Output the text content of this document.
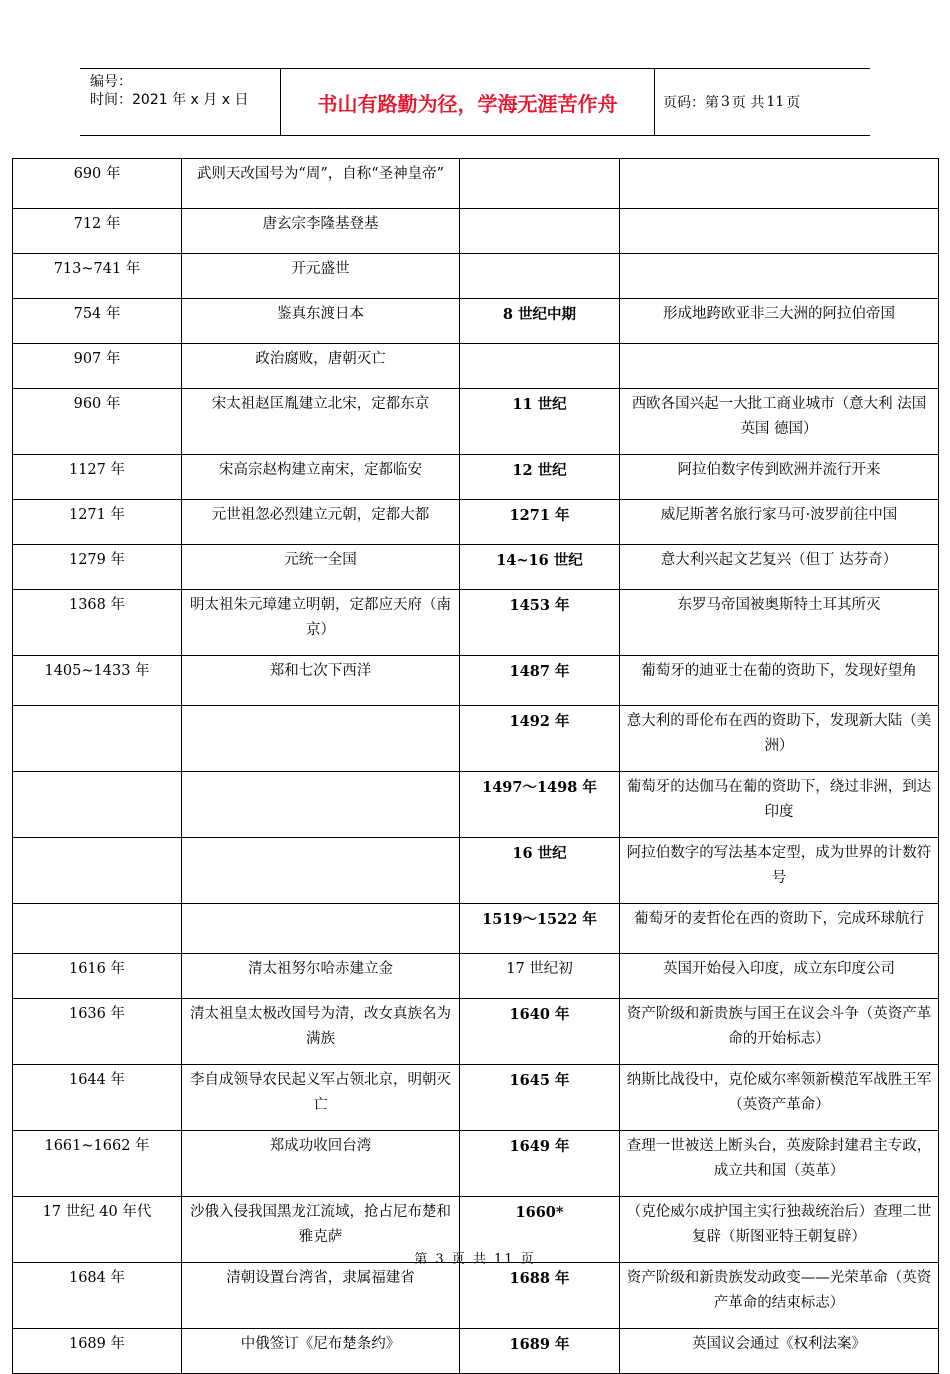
编号：
时间：2021 年 x 月 x 日	书山有路勤为径，学海无涯苦作舟	页码：第 3 页 共 11 页
690 年	武则天改国号为“周”，自称“圣神皇帝”		
712 年	唐玄宗李隆基登基		
713~741 年	开元盛世		
754 年	鉴真东渡日本	8 世纪中期	形成地跨欧亚非三大洲的阿拉伯帝国
907 年	政治腐败，唐朝灭亡		
960 年	宋太祖赵匡胤建立北宋，定都东京	11 世纪	西欧各国兴起一大批工商业城市（意大利 法国 英国 德国）
1127 年	宋高宗赵构建立南宋，定都临安	12 世纪	阿拉伯数字传到欧洲并流行开来
1271 年	元世祖忽必烈建立元朝，定都大都	1271 年	威尼斯著名旅行家马可·波罗前往中国
1279 年	元统一全国	14~16 世纪	意大利兴起文艺复兴（但丁 达芬奇）
1368 年	明太祖朱元璋建立明朝，定都应天府（南京）	1453 年	东罗马帝国被奥斯特土耳其所灭
1405~1433 年	郑和七次下西洋	1487 年	葡萄牙的迪亚士在葡的资助下，发现好望角
		1492 年	意大利的哥伦布在西的资助下，发现新大陆（美洲）
		1497～1498 年	葡萄牙的达伽马在葡的资助下，绕过非洲，到达印度
		16 世纪	阿拉伯数字的写法基本定型，成为世界的计数符号
		1519～1522 年	葡萄牙的麦哲伦在西的资助下，完成环球航行
1616 年	清太祖努尔哈赤建立金	17 世纪初	英国开始侵入印度，成立东印度公司
1636 年	清太祖皇太极改国号为清，改女真族名为满族	1640 年	资产阶级和新贵族与国王在议会斗争（英资产革命的开始标志）
1644 年	李自成领导农民起义军占领北京，明朝灭亡	1645 年	纳斯比战役中，克伦威尔率领新模范军战胜王军（英资产革命）
1661~1662 年	郑成功收回台湾	1649 年	查理一世被送上断头台，英废除封建君主专政，成立共和国（英革）
17 世纪 40 年代	沙俄入侵我国黑龙江流域，抢占尼布楚和雅克萨	1660*	（克伦威尔成护国主实行独裁统治后）查理二世复辟（斯图亚特王朝复辟）
1684 年	清朝设置台湾省，隶属福建省	1688 年	资产阶级和新贵族发动政变——光荣革命（英资产革命的结束标志）
1689 年	中俄签订《尼布楚条约》	1689 年	英国议会通过《权利法案》
第 3 页 共 11 页
